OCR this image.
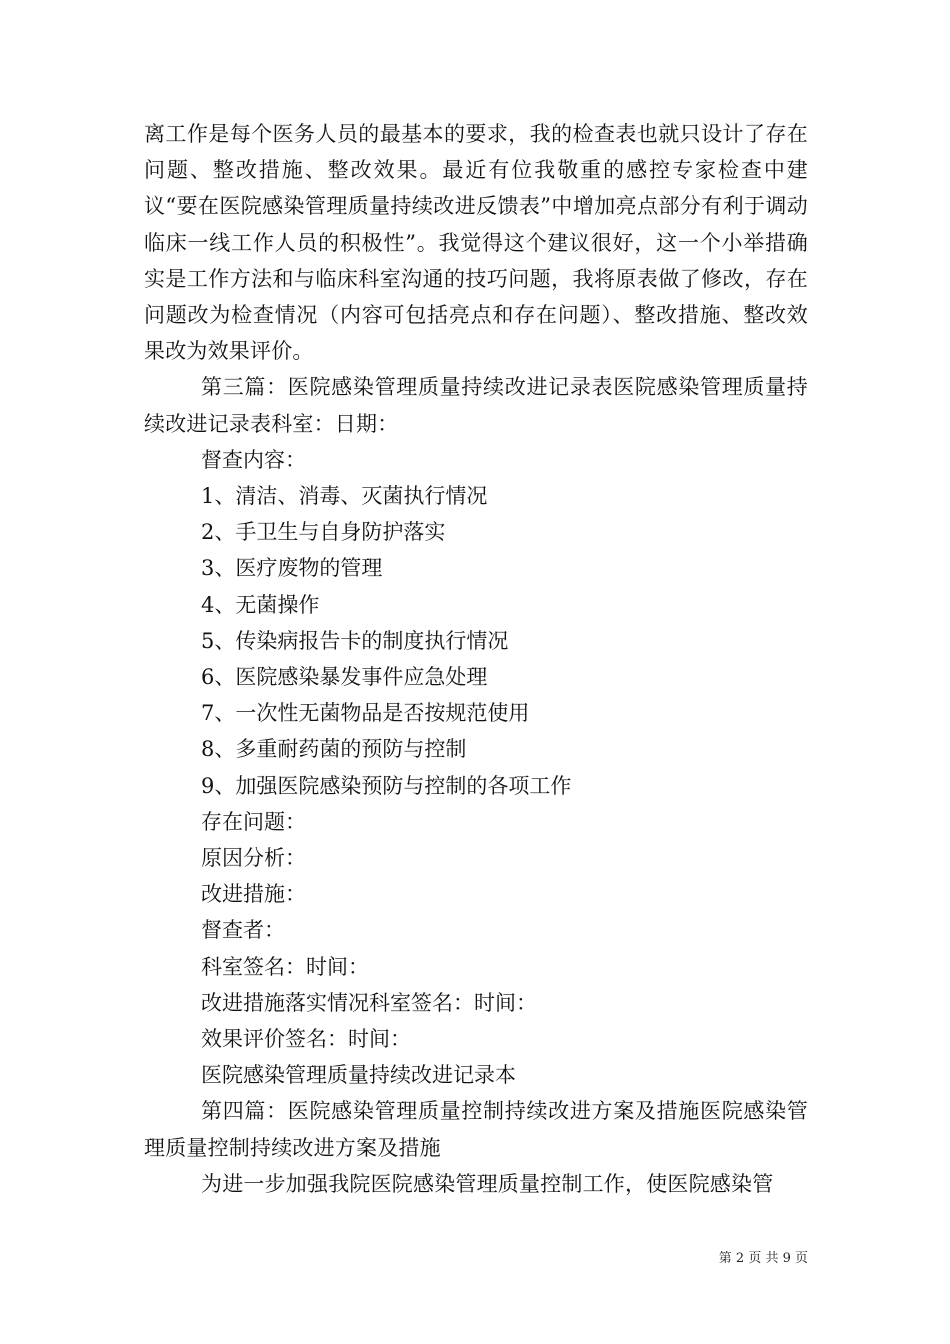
离工作是每个医务人员的最基本的要求，我的检查表也就只设计了存在问题、整改措施、整改效果。最近有位我敬重的感控专家检查中建议“要在医院感染管理质量持续改进反馈表”中增加亮点部分有利于调动临床一线工作人员的积极性”。我觉得这个建议很好，这一个小举措确实是工作方法和与临床科室沟通的技巧问题，我将原表做了修改，存在问题改为检查情况（内容可包括亮点和存在问题）、整改措施、整改效果改为效果评价。

第三篇：医院感染管理质量持续改进记录表医院感染管理质量持续改进记录表科室：日期：

督查内容：

1、清洁、消毒、灭菌执行情况

2、手卫生与自身防护落实

3、医疗废物的管理

4、无菌操作

5、传染病报告卡的制度执行情况

6、医院感染暴发事件应急处理

7、一次性无菌物品是否按规范使用

8、多重耐药菌的预防与控制

9、加强医院感染预防与控制的各项工作

存在问题：

原因分析：

改进措施：

督查者：

科室签名：时间：

改进措施落实情况科室签名：时间：

效果评价签名：时间：

医院感染管理质量持续改进记录本

第四篇：医院感染管理质量控制持续改进方案及措施医院感染管理质量控制持续改进方案及措施

为进一步加强我院医院感染管理质量控制工作，使医院感染管

第 2 页 共 9 页
